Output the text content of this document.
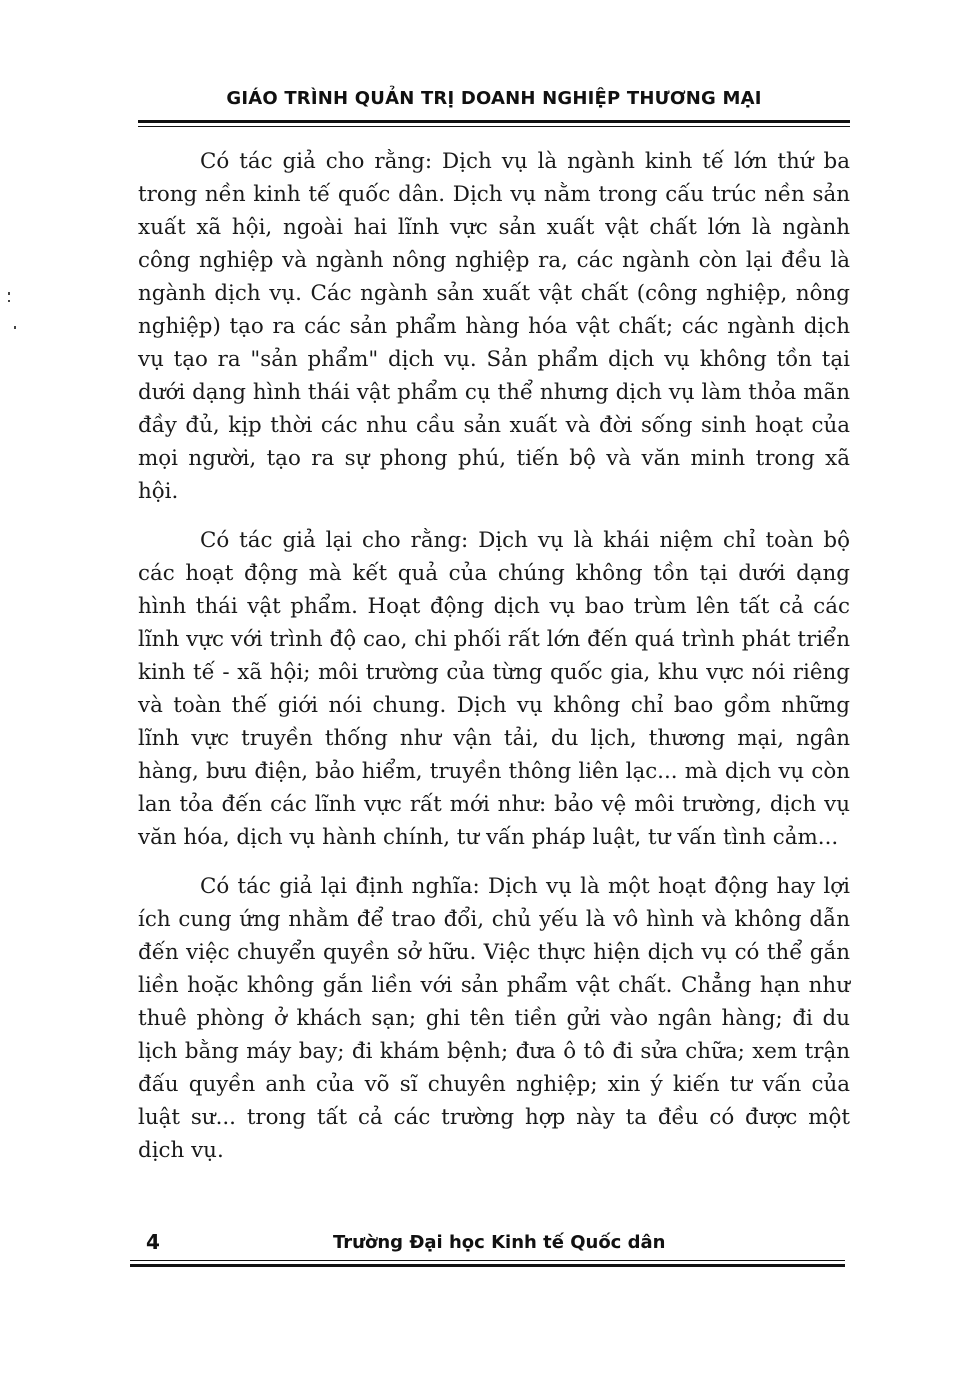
GIÁO TRÌNH QUẢN TRỊ DOANH NGHIỆP THƯƠNG MẠI

Có tác giả cho rằng: Dịch vụ là ngành kinh tế lớn thứ ba trong nền kinh tế quốc dân. Dịch vụ nằm trong cấu trúc nền sản xuất xã hội, ngoài hai lĩnh vực sản xuất vật chất lớn là ngành công nghiệp và ngành nông nghiệp ra, các ngành còn lại đều là ngành dịch vụ. Các ngành sản xuất vật chất (công nghiệp, nông nghiệp) tạo ra các sản phẩm hàng hóa vật chất; các ngành dịch vụ tạo ra "sản phẩm" dịch vụ. Sản phẩm dịch vụ không tồn tại dưới dạng hình thái vật phẩm cụ thể nhưng dịch vụ làm thỏa mãn đầy đủ, kịp thời các nhu cầu sản xuất và đời sống sinh hoạt của mọi người, tạo ra sự phong phú, tiến bộ và văn minh trong xã hội.

Có tác giả lại cho rằng: Dịch vụ là khái niệm chỉ toàn bộ các hoạt động mà kết quả của chúng không tồn tại dưới dạng hình thái vật phẩm. Hoạt động dịch vụ bao trùm lên tất cả các lĩnh vực với trình độ cao, chi phối rất lớn đến quá trình phát triển kinh tế - xã hội; môi trường của từng quốc gia, khu vực nói riêng và toàn thế giới nói chung. Dịch vụ không chỉ bao gồm những lĩnh vực truyền thống như vận tải, du lịch, thương mại, ngân hàng, bưu điện, bảo hiểm, truyền thông liên lạc... mà dịch vụ còn lan tỏa đến các lĩnh vực rất mới như: bảo vệ môi trường, dịch vụ văn hóa, dịch vụ hành chính, tư vấn pháp luật, tư vấn tình cảm...

Có tác giả lại định nghĩa: Dịch vụ là một hoạt động hay lợi ích cung ứng nhằm để trao đổi, chủ yếu là vô hình và không dẫn đến việc chuyển quyền sở hữu. Việc thực hiện dịch vụ có thể gắn liền hoặc không gắn liền với sản phẩm vật chất. Chẳng hạn như thuê phòng ở khách sạn; ghi tên tiền gửi vào ngân hàng; đi du lịch bằng máy bay; đi khám bệnh; đưa ô tô đi sửa chữa; xem trận đấu quyền anh của võ sĩ chuyên nghiệp; xin ý kiến tư vấn của luật sư... trong tất cả các trường hợp này ta đều có được một dịch vụ.

4	Trường Đại học Kinh tế Quốc dân
